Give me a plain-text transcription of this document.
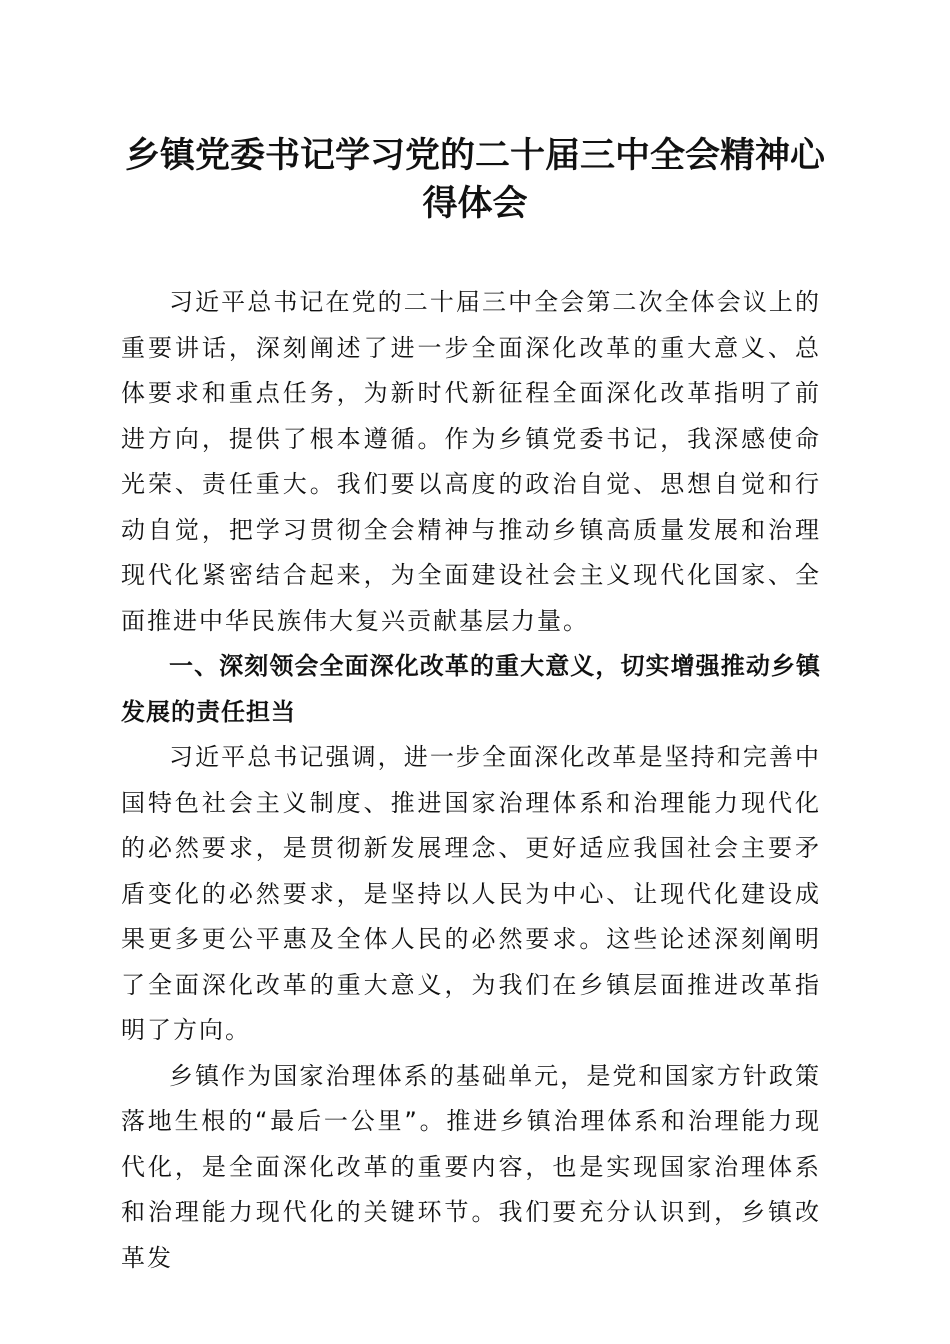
乡镇党委书记学习党的二十届三中全会精神心得体会

习近平总书记在党的二十届三中全会第二次全体会议上的重要讲话，深刻阐述了进一步全面深化改革的重大意义、总体要求和重点任务，为新时代新征程全面深化改革指明了前进方向，提供了根本遵循。作为乡镇党委书记，我深感使命光荣、责任重大。我们要以高度的政治自觉、思想自觉和行动自觉，把学习贯彻全会精神与推动乡镇高质量发展和治理现代化紧密结合起来，为全面建设社会主义现代化国家、全面推进中华民族伟大复兴贡献基层力量。

一、深刻领会全面深化改革的重大意义，切实增强推动乡镇发展的责任担当

习近平总书记强调，进一步全面深化改革是坚持和完善中国特色社会主义制度、推进国家治理体系和治理能力现代化的必然要求，是贯彻新发展理念、更好适应我国社会主要矛盾变化的必然要求，是坚持以人民为中心、让现代化建设成果更多更公平惠及全体人民的必然要求。这些论述深刻阐明了全面深化改革的重大意义，为我们在乡镇层面推进改革指明了方向。

乡镇作为国家治理体系的基础单元，是党和国家方针政策落地生根的“最后一公里”。推进乡镇治理体系和治理能力现代化，是全面深化改革的重要内容，也是实现国家治理体系和治理能力现代化的关键环节。我们要充分认识到，乡镇改革发
